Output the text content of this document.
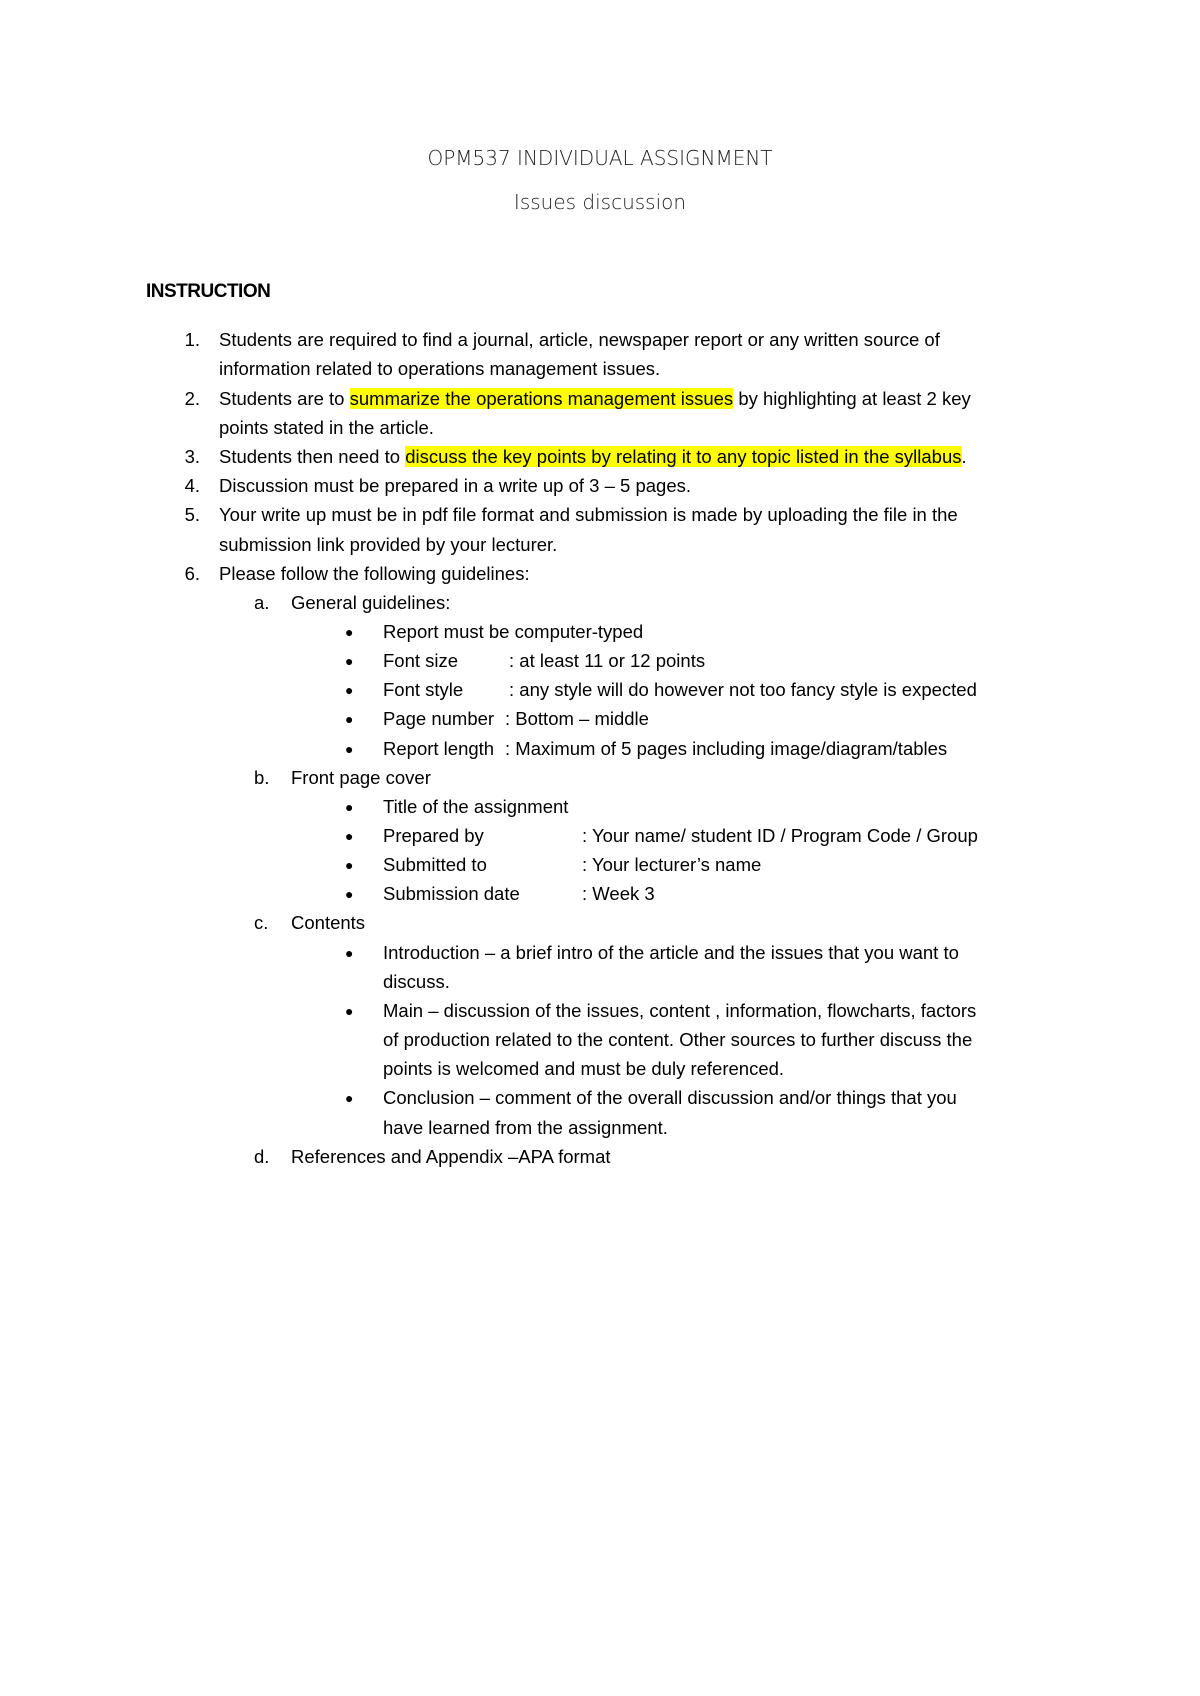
OPM537 INDIVIDUAL ASSIGNMENT
Issues discussion
INSTRUCTION
1. Students are required to find a journal, article, newspaper report or any written source of
information related to operations management issues.
2. Students are to summarize the operations management issues by highlighting at least 2 key
points stated in the article.
3. Students then need to discuss the key points by relating it to any topic listed in the syllabus.
4. Discussion must be prepared in a write up of 3 – 5 pages.
5. Your write up must be in pdf file format and submission is made by uploading the file in the
submission link provided by your lecturer.
6. Please follow the following guidelines:
a. General guidelines:
● Report must be computer-typed
● Font size	: at least 11 or 12 points
● Font style : any style will do however not too fancy style is expected
● Page number : Bottom – middle
● Report length : Maximum of 5 pages including image/diagram/tables
b. Front page cover
● Title of the assignment
● Prepared by	: Your name/ student ID / Program Code / Group
● Submitted to	: Your lecturer’s name
● Submission date	: Week 3
c. Contents
● Introduction – a brief intro of the article and the issues that you want to
discuss.
● Main – discussion of the issues, content , information, flowcharts, factors
of production related to the content. Other sources to further discuss the
points is welcomed and must be duly referenced.
● Conclusion – comment of the overall discussion and/or things that you
have learned from the assignment.
d. References and Appendix –APA format
